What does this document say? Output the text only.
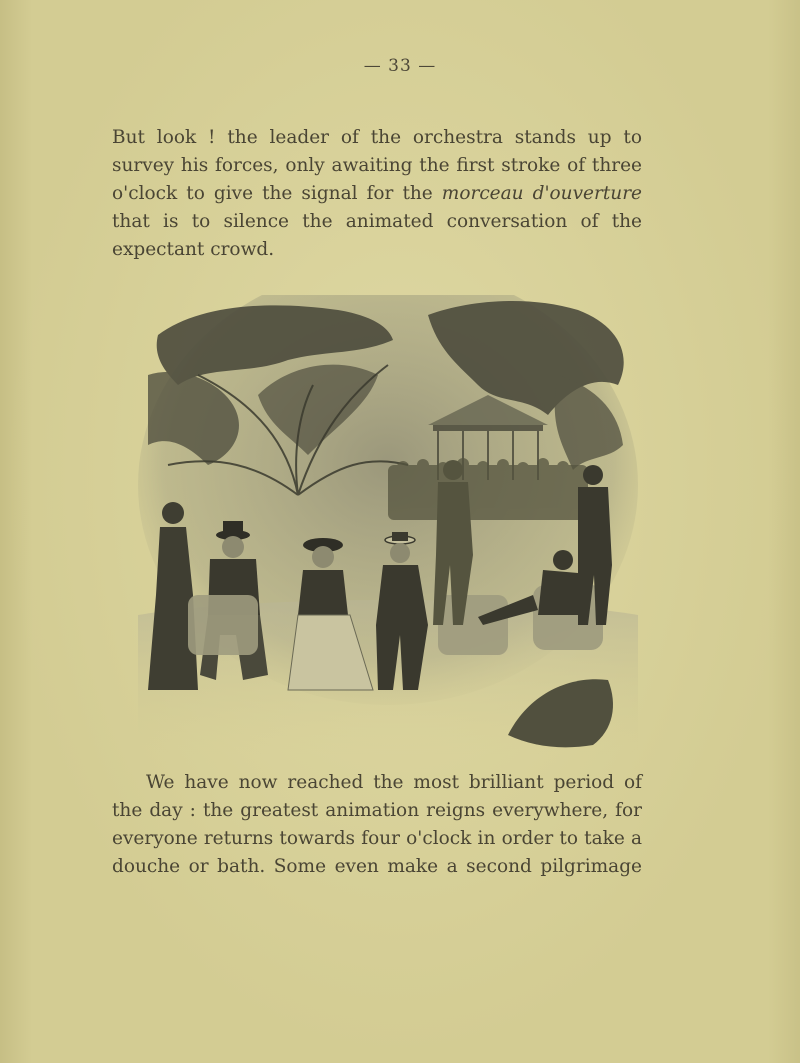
— 33 —
But look ! the leader of the orchestra stands up to
survey his forces, only awaiting the first stroke of three
o'clock to give the signal for the morceau d'ouverture
that is to silence the animated conversation of the
expectant crowd.
We have now reached the most brilliant period of
the day : the greatest animation reigns everywhere, for
everyone returns towards four o'clock in order to take a
douche or bath. Some even make a second pilgrimage
